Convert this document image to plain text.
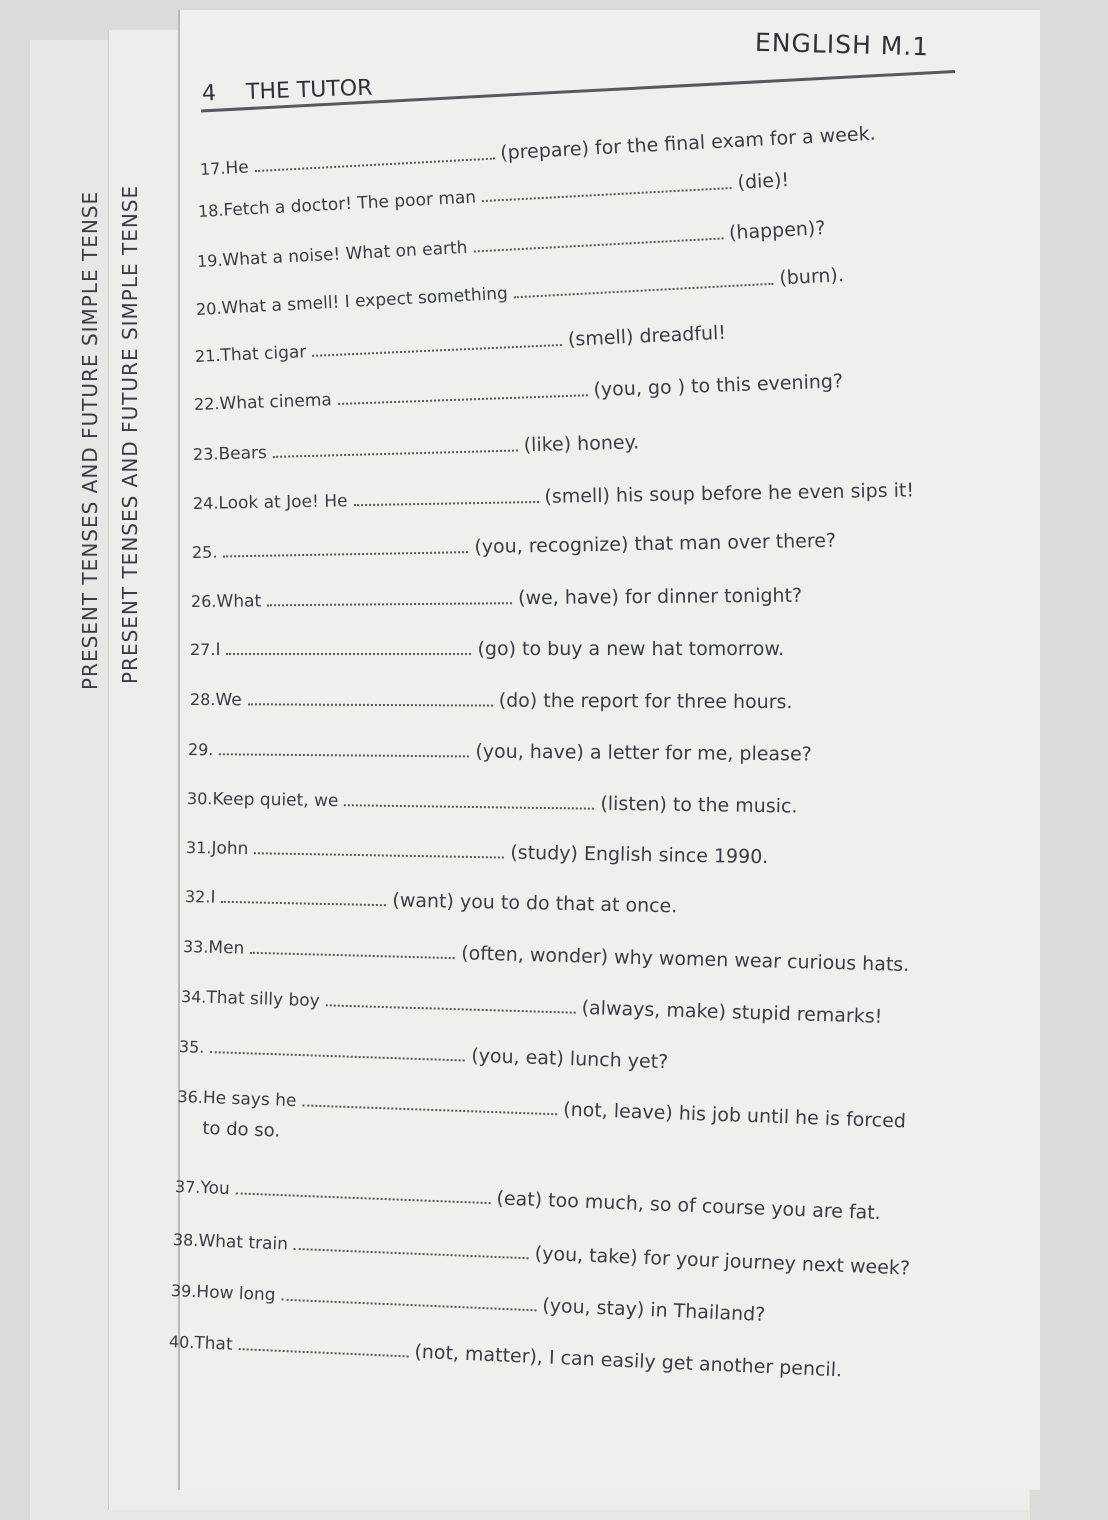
PRESENT TENSES AND FUTURE SIMPLE TENSE PRESENT TENSES AND FUTURE SIMPLE TENSE
ENGLISH M.1
4 THE TUTOR
17.He(prepare) for the final exam for a week.
18.Fetch a doctor! The poor man(die)!
19.What a noise! What on earth(happen)?
20.What a smell! I expect something(burn).
21.That cigar(smell) dreadful!
22.What cinema(you, go ) to this evening?
23.Bears	(like) honey.
24.Look at Joe! He	(smell) his soup before he even sips it!
25.	(you, recognize) that man over there?
26.What	(we, have) for dinner tonight?
27.I	(go) to buy a new hat tomorrow.
28.We	(do) the report for three hours.
29.	(you, have) a letter for me, please?
30.Keep quiet, we	(listen) to the music.
31.John	(study) English since 1990.
32.I	(want) you to do that at once.
33.Men	(often, wonder) why women wear curious hats.
34.That silly boy	(always, make) stupid remarks!
35.	(you, eat) lunch yet?
36.He says he	(not, leave) his job until he is forced
to do so.
37.You	(eat) too much, so of course you are fat.
38.What train	(you, take) for your journey next week?
39.How long(you, stay) in Thailand?
40.That	(not, matter), I can easily get another pencil.
